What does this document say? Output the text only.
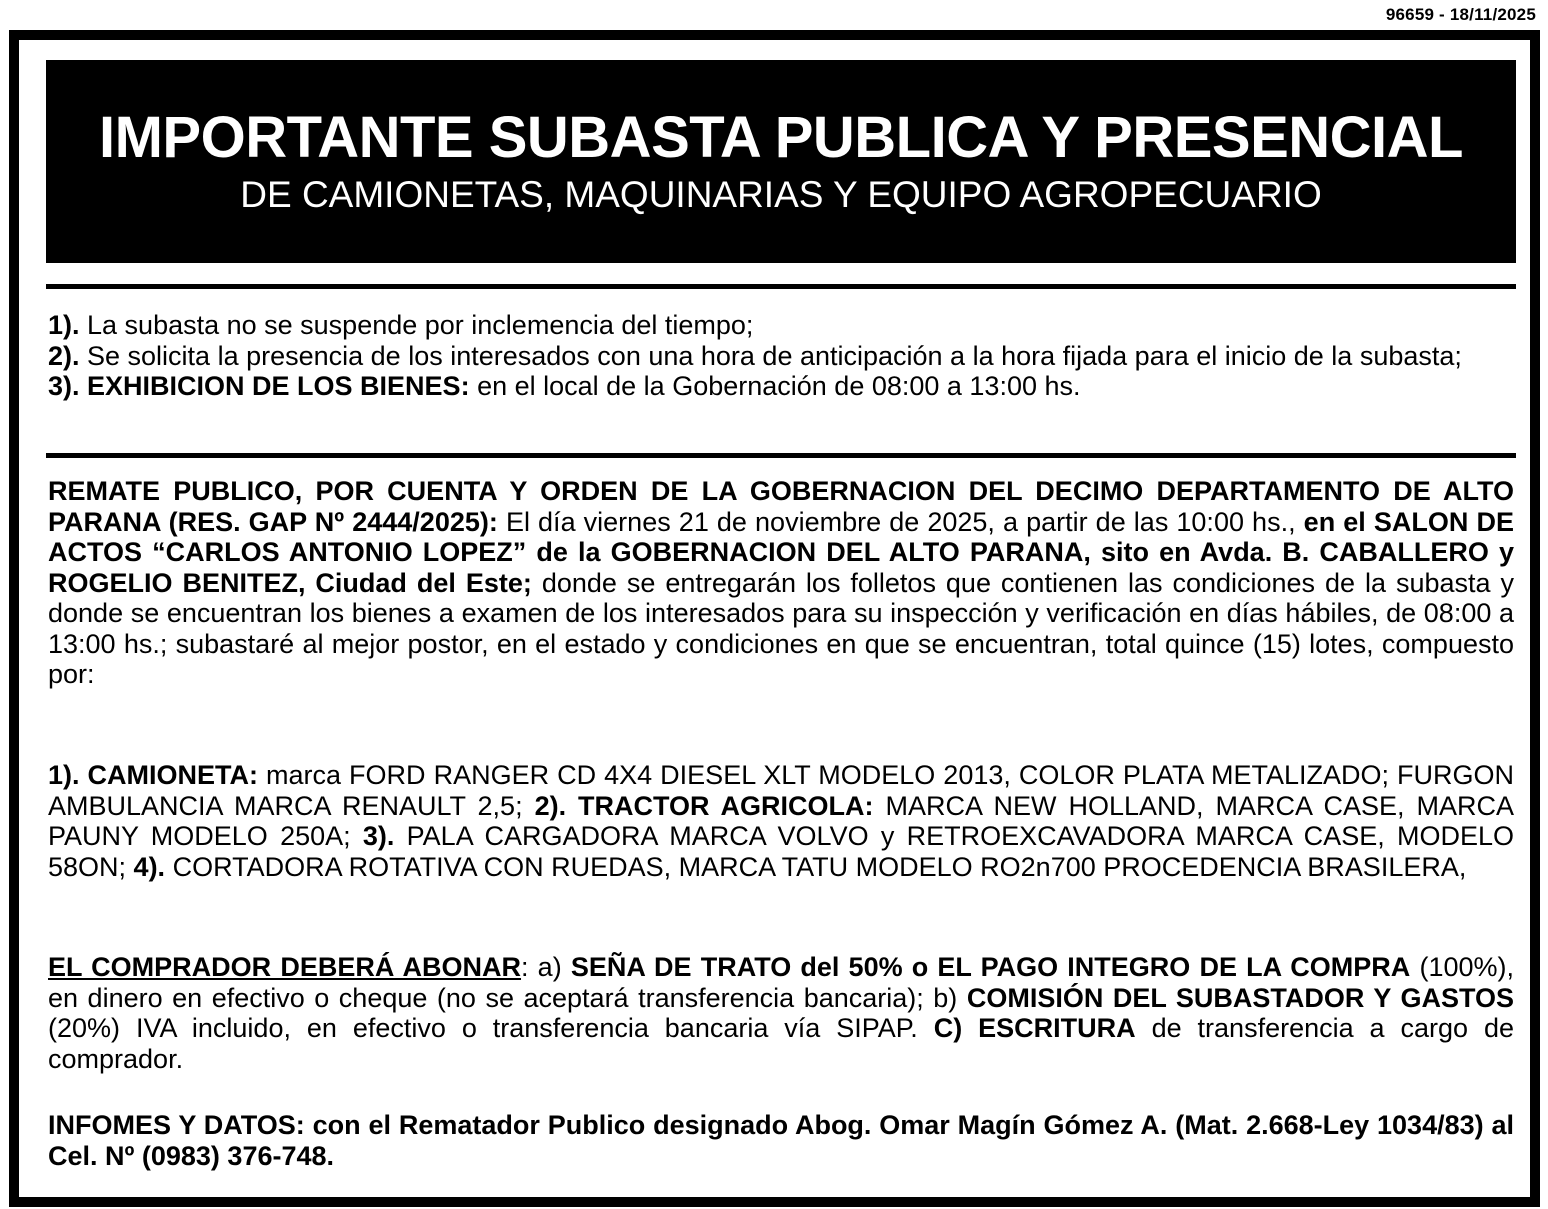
96659 - 18/11/2025
IMPORTANTE SUBASTA PUBLICA Y PRESENCIAL
DE CAMIONETAS, MAQUINARIAS Y EQUIPO AGROPECUARIO
1). La subasta no se suspende por inclemencia del tiempo;
2). Se solicita la presencia de los interesados con una hora de anticipación a la hora fijada para el inicio de la subasta;
3). EXHIBICION DE LOS BIENES: en el local de la Gobernación de 08:00 a 13:00 hs.
REMATE PUBLICO, POR CUENTA Y ORDEN DE LA GOBERNACION DEL DECIMO DEPARTAMENTO DE ALTO PARANA (RES. GAP Nº 2444/2025): El día viernes 21 de noviembre de 2025, a partir de las 10:00 hs., en el SALON DE ACTOS “CARLOS ANTONIO LOPEZ” de la GOBERNACION DEL ALTO PARANA, sito en Avda. B. CABALLERO y ROGELIO BENITEZ, Ciudad del Este; donde se entregarán los folletos que contienen las condiciones de la subasta y donde se encuentran los bienes a examen de los interesados para su inspección y verificación en días hábiles, de 08:00 a 13:00 hs.; subastaré al mejor postor, en el estado y condiciones en que se encuentran, total quince (15) lotes, compuesto por:
1). CAMIONETA: marca FORD RANGER CD 4X4 DIESEL XLT MODELO 2013, COLOR PLATA METALIZADO; FURGON AMBULANCIA MARCA RENAULT 2,5; 2). TRACTOR AGRICOLA: MARCA NEW HOLLAND, MARCA CASE, MARCA PAUNY MODELO 250A; 3). PALA CARGADORA MARCA VOLVO y RETROEXCAVADORA MARCA CASE, MODELO 58ON; 4). CORTADORA ROTATIVA CON RUEDAS, MARCA TATU MODELO RO2n700 PROCEDENCIA BRASILERA,
EL COMPRADOR DEBERÁ ABONAR: a) SEÑA DE TRATO del 50% o EL PAGO INTEGRO DE LA COMPRA (100%), en dinero en efectivo o cheque (no se aceptará transferencia bancaria); b) COMISIÓN DEL SUBASTADOR Y GASTOS (20%) IVA incluido, en efectivo o transferencia bancaria vía SIPAP. C) ESCRITURA de transferencia a cargo de comprador.
INFOMES Y DATOS: con el Rematador Publico designado Abog. Omar Magín Gómez A. (Mat. 2.668-Ley 1034/83) al Cel. Nº (0983) 376-748.
